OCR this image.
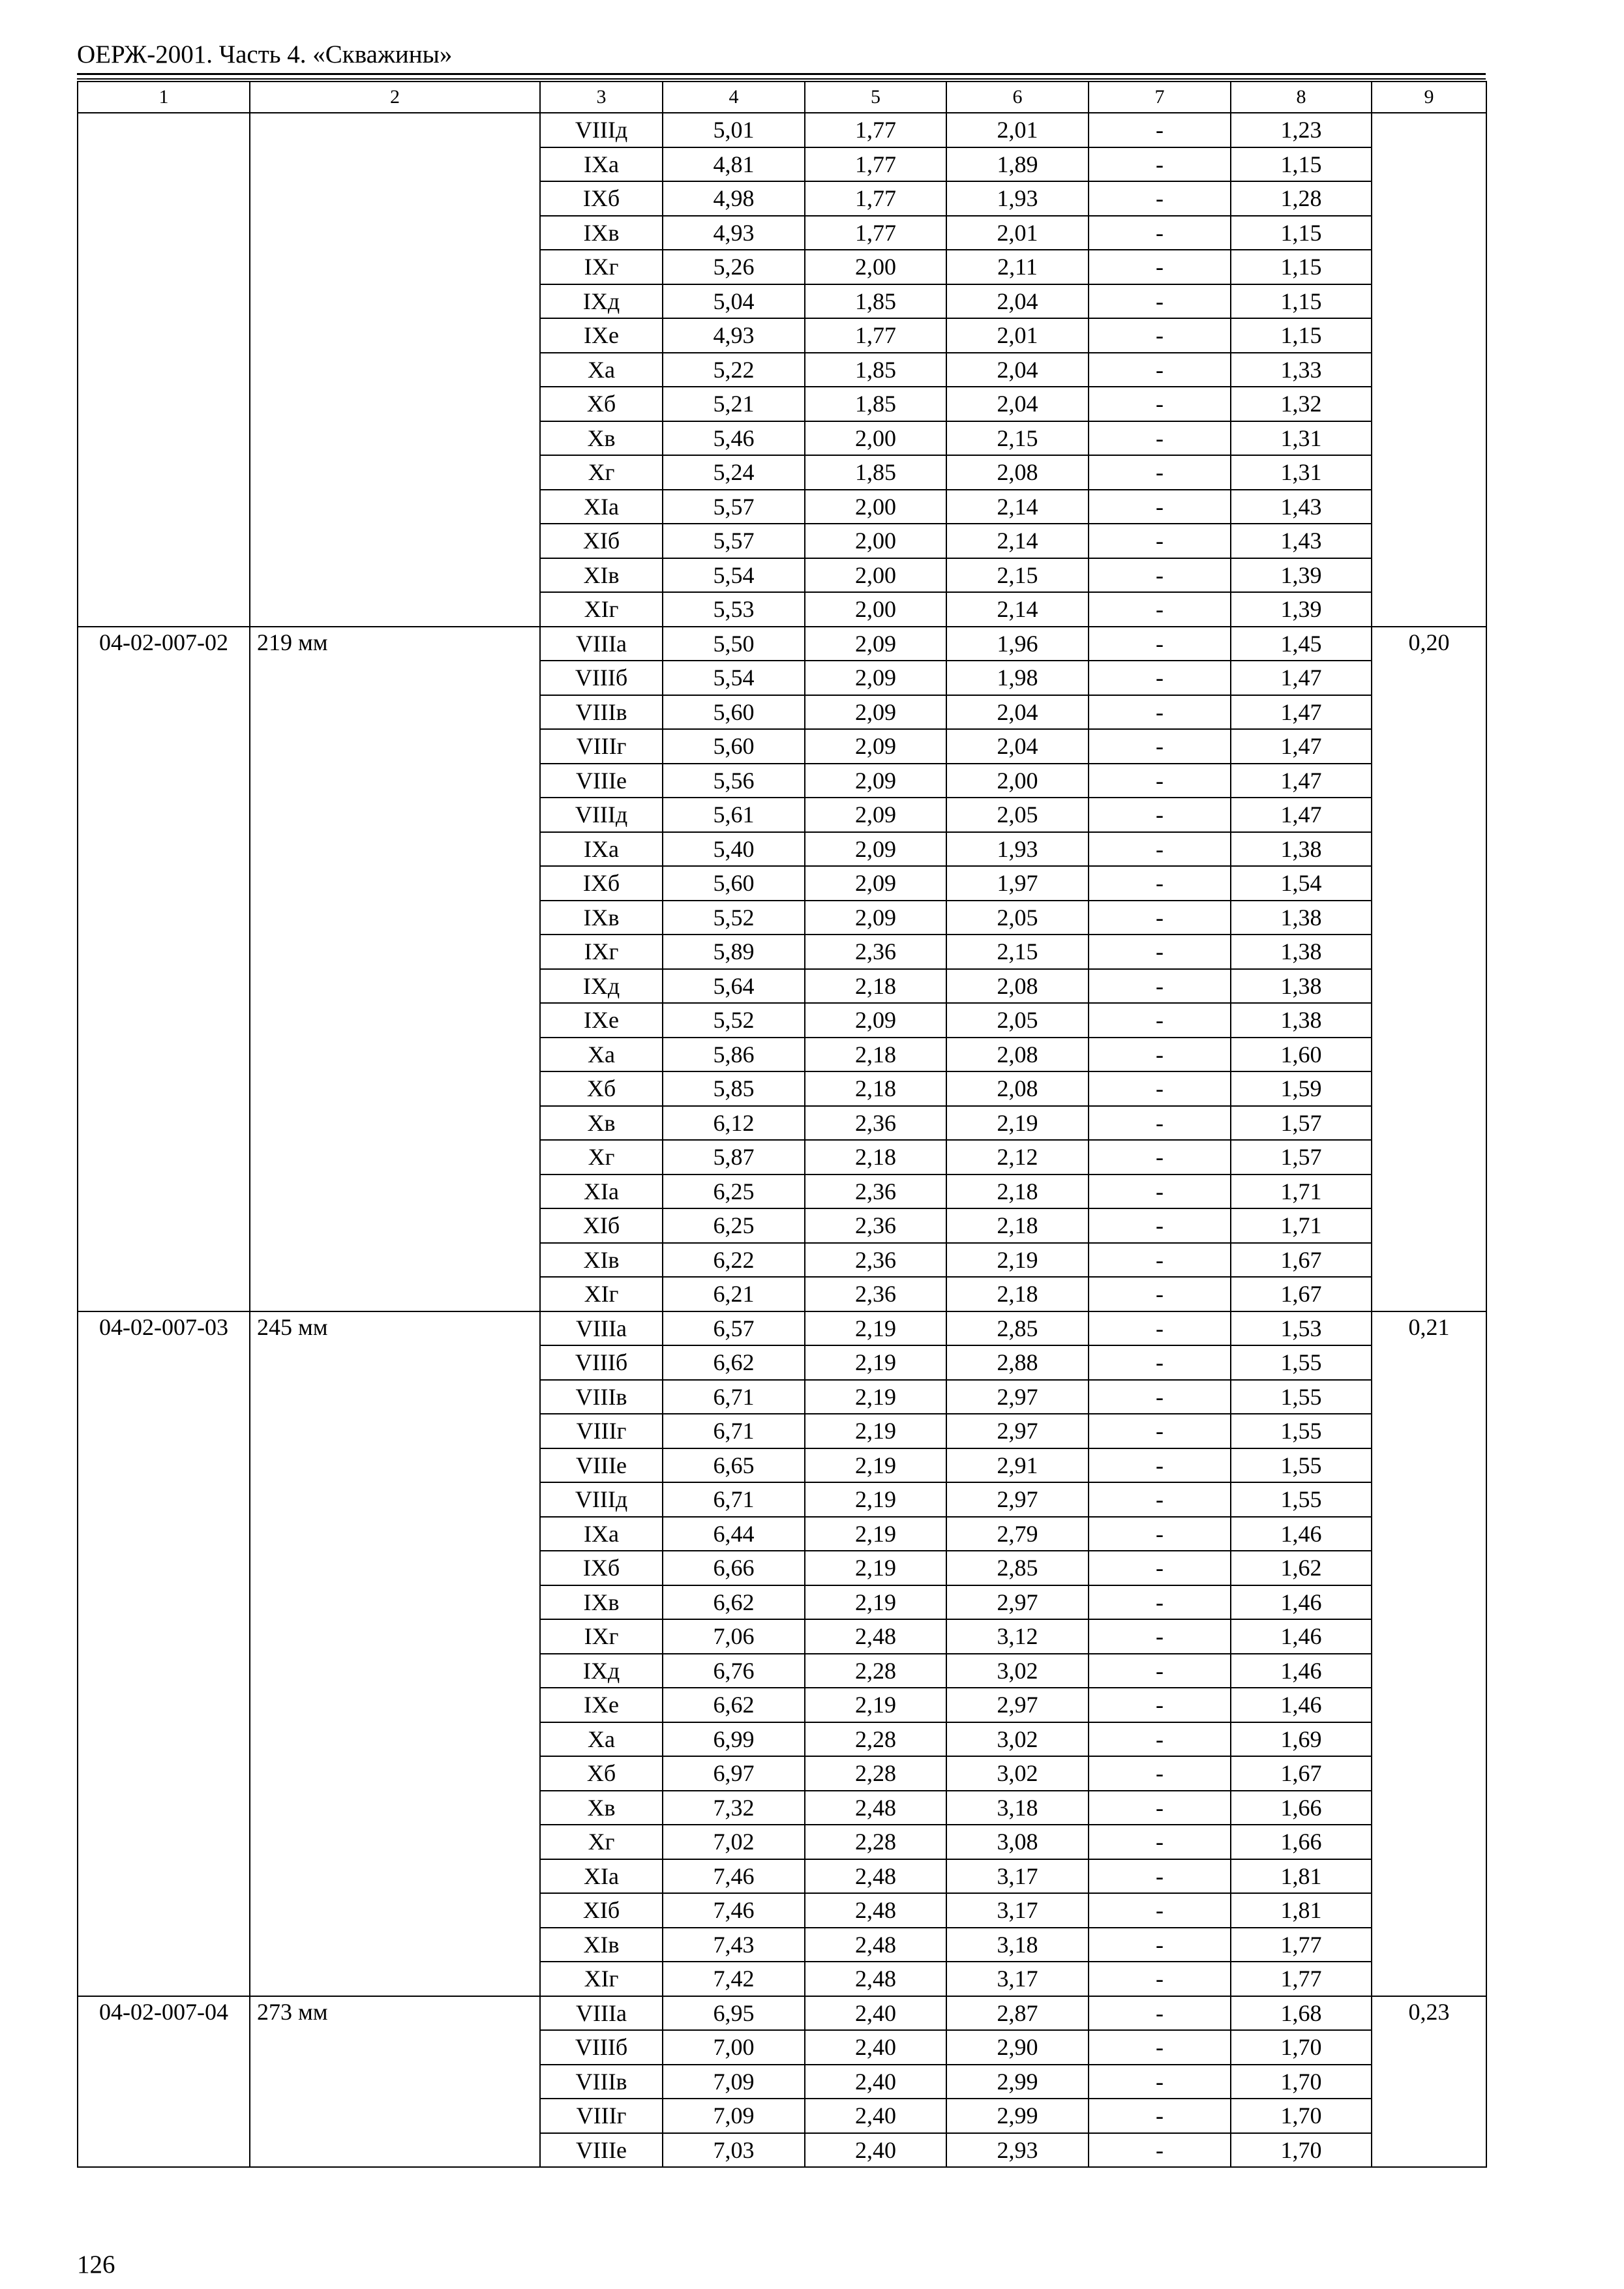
ОЕРЖ-2001. Часть 4. «Скважины»
1	2	3	4	5	6	7	8	9
		VIIIд	5,01	1,77	2,01	-	1,23	
		IXа	4,81	1,77	1,89	-	1,15	
		IXб	4,98	1,77	1,93	-	1,28	
		IXв	4,93	1,77	2,01	-	1,15	
		IXг	5,26	2,00	2,11	-	1,15	
		IXд	5,04	1,85	2,04	-	1,15	
		IXе	4,93	1,77	2,01	-	1,15	
		Xа	5,22	1,85	2,04	-	1,33	
		Xб	5,21	1,85	2,04	-	1,32	
		Xв	5,46	2,00	2,15	-	1,31	
		Xг	5,24	1,85	2,08	-	1,31	
		XIа	5,57	2,00	2,14	-	1,43	
		XIб	5,57	2,00	2,14	-	1,43	
		XIв	5,54	2,00	2,15	-	1,39	
		XIг	5,53	2,00	2,14	-	1,39	
04-02-007-02	219 мм	VIIIа	5,50	2,09	1,96	-	1,45	0,20
		VIIIб	5,54	2,09	1,98	-	1,47	
		VIIIв	5,60	2,09	2,04	-	1,47	
		VIIIг	5,60	2,09	2,04	-	1,47	
		VIIIе	5,56	2,09	2,00	-	1,47	
		VIIIд	5,61	2,09	2,05	-	1,47	
		IXа	5,40	2,09	1,93	-	1,38	
		IXб	5,60	2,09	1,97	-	1,54	
		IXв	5,52	2,09	2,05	-	1,38	
		IXг	5,89	2,36	2,15	-	1,38	
		IXд	5,64	2,18	2,08	-	1,38	
		IXе	5,52	2,09	2,05	-	1,38	
		Xа	5,86	2,18	2,08	-	1,60	
		Xб	5,85	2,18	2,08	-	1,59	
		Xв	6,12	2,36	2,19	-	1,57	
		Xг	5,87	2,18	2,12	-	1,57	
		XIа	6,25	2,36	2,18	-	1,71	
		XIб	6,25	2,36	2,18	-	1,71	
		XIв	6,22	2,36	2,19	-	1,67	
		XIг	6,21	2,36	2,18	-	1,67	
04-02-007-03	245 мм	VIIIа	6,57	2,19	2,85	-	1,53	0,21
		VIIIб	6,62	2,19	2,88	-	1,55	
		VIIIв	6,71	2,19	2,97	-	1,55	
		VIIIг	6,71	2,19	2,97	-	1,55	
		VIIIе	6,65	2,19	2,91	-	1,55	
		VIIIд	6,71	2,19	2,97	-	1,55	
		IXа	6,44	2,19	2,79	-	1,46	
		IXб	6,66	2,19	2,85	-	1,62	
		IXв	6,62	2,19	2,97	-	1,46	
		IXг	7,06	2,48	3,12	-	1,46	
		IXд	6,76	2,28	3,02	-	1,46	
		IXе	6,62	2,19	2,97	-	1,46	
		Xа	6,99	2,28	3,02	-	1,69	
		Xб	6,97	2,28	3,02	-	1,67	
		Xв	7,32	2,48	3,18	-	1,66	
		Xг	7,02	2,28	3,08	-	1,66	
		XIа	7,46	2,48	3,17	-	1,81	
		XIб	7,46	2,48	3,17	-	1,81	
		XIв	7,43	2,48	3,18	-	1,77	
		XIг	7,42	2,48	3,17	-	1,77	
04-02-007-04	273 мм	VIIIа	6,95	2,40	2,87	-	1,68	0,23
		VIIIб	7,00	2,40	2,90	-	1,70	
		VIIIв	7,09	2,40	2,99	-	1,70	
		VIIIг	7,09	2,40	2,99	-	1,70	
		VIIIе	7,03	2,40	2,93	-	1,70	
126
